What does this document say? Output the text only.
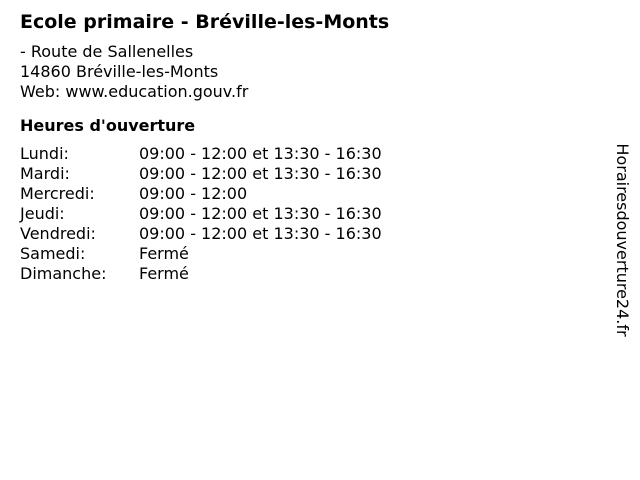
Ecole primaire - Bréville-les-Monts
- Route de Sallenelles
14860 Bréville-les-Monts
Web: www.education.gouv.fr
Heures d'ouverture
Lundi:	09:00 - 12:00 et 13:30 - 16:30
Mardi:	09:00 - 12:00 et 13:30 - 16:30
Mercredi:	09:00 - 12:00
Jeudi:	09:00 - 12:00 et 13:30 - 16:30
Vendredi:	09:00 - 12:00 et 13:30 - 16:30
Samedi:	Fermé
Dimanche:	Fermé	Horairesdouverture24.fr
